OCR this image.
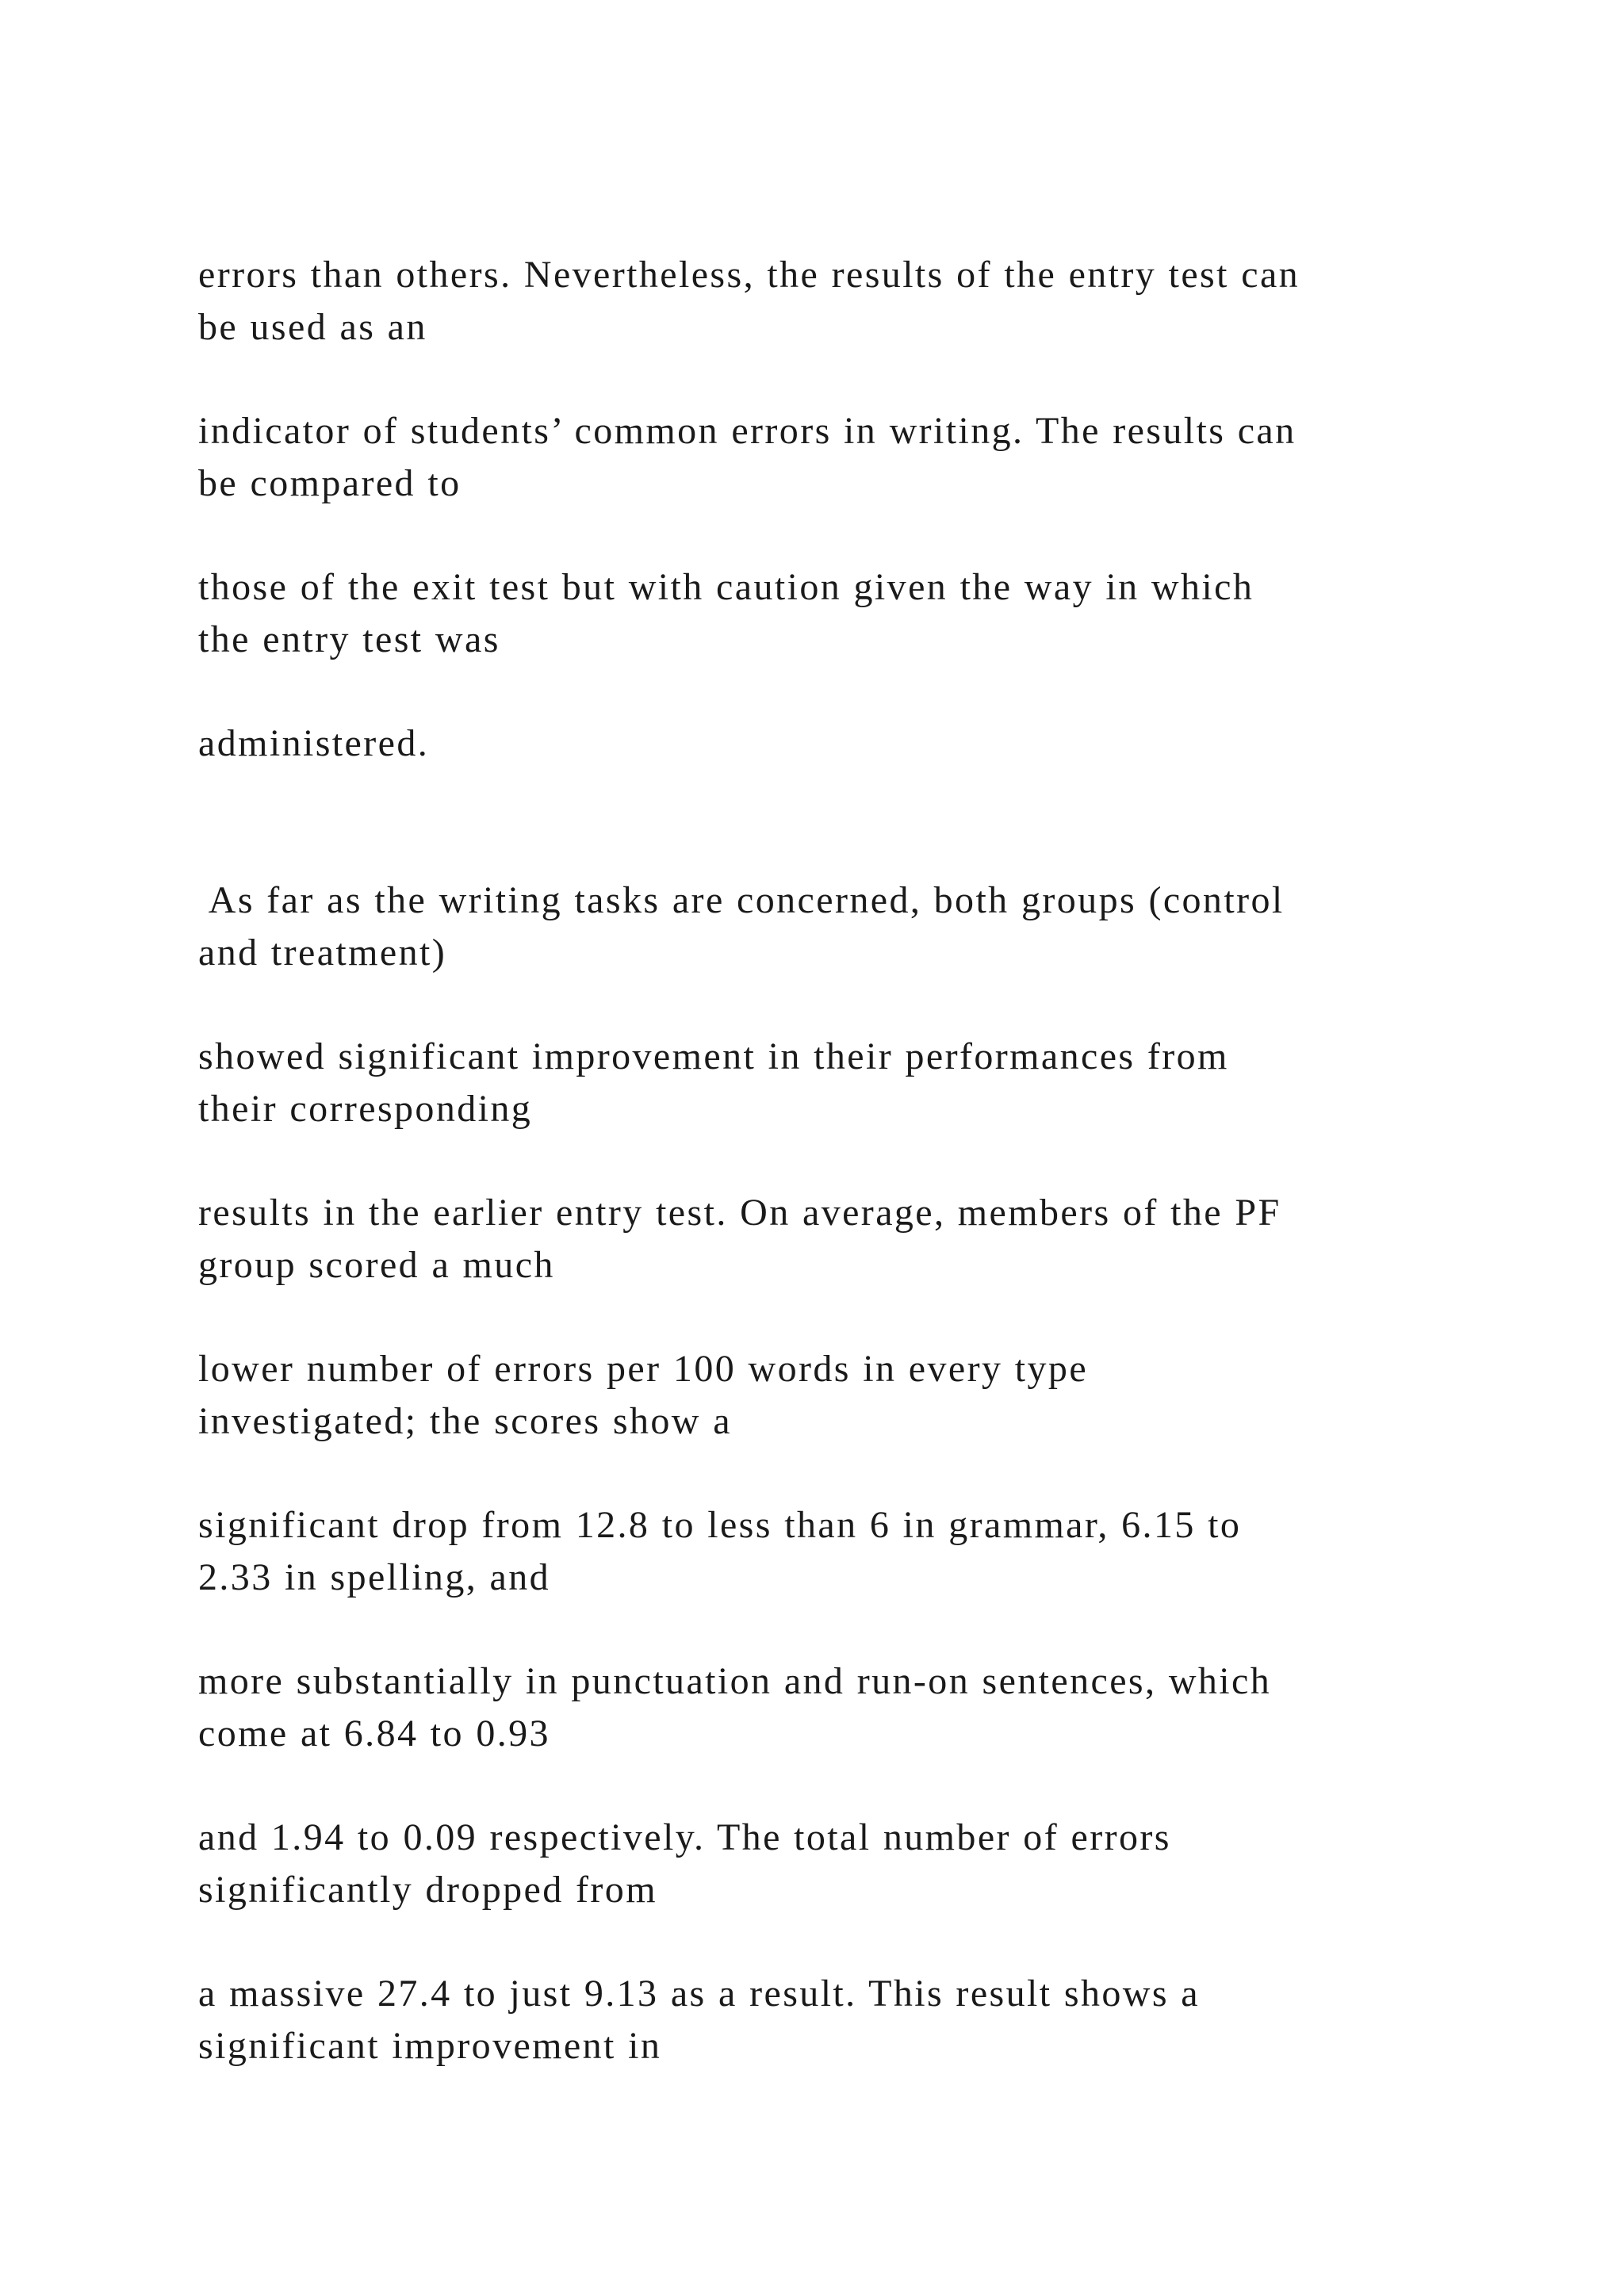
errors than others. Nevertheless, the results of the entry test can
be used as an
indicator of students’ common errors in writing. The results can
be compared to
those of the exit test but with caution given the way in which
the entry test was
administered.
As far as the writing tasks are concerned, both groups (control
and treatment)
showed significant improvement in their performances from
their corresponding
results in the earlier entry test. On average, members of the PF
group scored a much
lower number of errors per 100 words in every type
investigated; the scores show a
significant drop from 12.8 to less than 6 in grammar, 6.15 to
2.33 in spelling, and
more substantially in punctuation and run-on sentences, which
come at 6.84 to 0.93
and 1.94 to 0.09 respectively. The total number of errors
significantly dropped from
a massive 27.4 to just 9.13 as a result. This result shows a
significant improvement in
